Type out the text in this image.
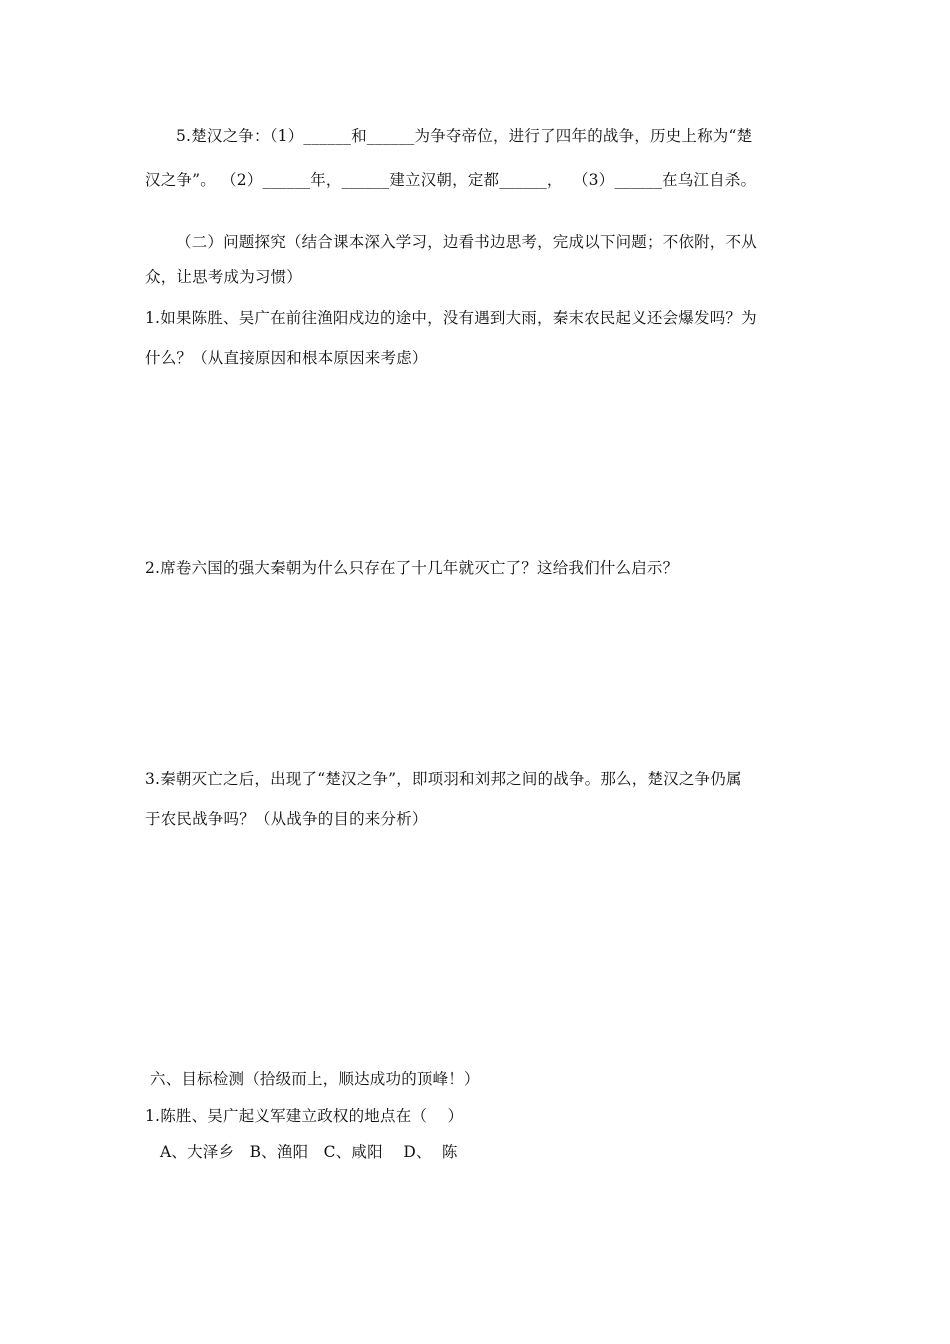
5.楚汉之争：（1）______和______为争夺帝位，进行了四年的战争，历史上称为“楚
汉之争”。 （2）______年，______建立汉朝，定都______，  （3）______在乌江自杀。
（二）问题探究（结合课本深入学习，边看书边思考，完成以下问题；不依附，不从
众，让思考成为习惯）
1.如果陈胜、吴广在前往渔阳戍边的途中，没有遇到大雨，秦末农民起义还会爆发吗？为
什么？（从直接原因和根本原因来考虑）
2.席卷六国的强大秦朝为什么只存在了十几年就灭亡了？这给我们什么启示？
3.秦朝灭亡之后，出现了“楚汉之争”，即项羽和刘邦之间的战争。那么，楚汉之争仍属
于农民战争吗？（从战争的目的来分析）
六、目标检测（拾级而上，顺达成功的顶峰！）
1.陈胜、吴广起义军建立政权的地点在（    ）
A、大泽乡   B、渔阳   C、咸阳    D、  陈
